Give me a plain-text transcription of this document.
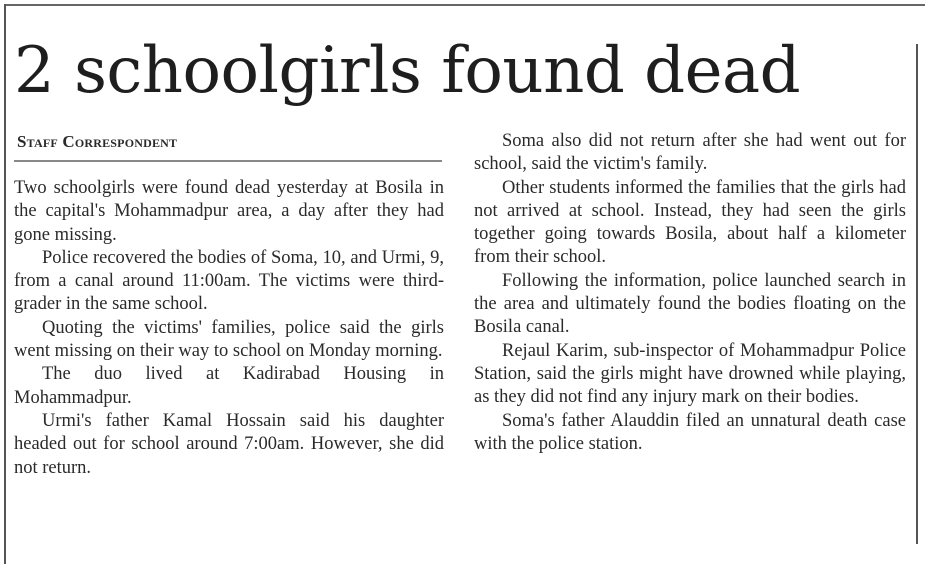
2 schoolgirls found dead
Staff Correspondent

Two schoolgirls were found dead yesterday at Bosila in the capital's Mohammadpur area, a day after they had gone missing.

Police recovered the bodies of Soma, 10, and Urmi, 9, from a canal around 11:00am. The victims were third-grader in the same school.

Quoting the victims' families, police said the girls went missing on their way to school on Monday morning.

The duo lived at Kadirabad Housing in Mohammadpur.

Urmi's father Kamal Hossain said his daughter headed out for school around 7:00am. However, she did not return.

Soma also did not return after she had went out for school, said the victim's family.

Other students informed the families that the girls had not arrived at school. Instead, they had seen the girls together going towards Bosila, about half a kilometer from their school.

Following the information, police launched search in the area and ultimately found the bodies floating on the Bosila canal.

Rejaul Karim, sub-inspector of Mohammadpur Police Station, said the girls might have drowned while playing, as they did not find any injury mark on their bodies.

Soma's father Alauddin filed an unnatural death case with the police station.
